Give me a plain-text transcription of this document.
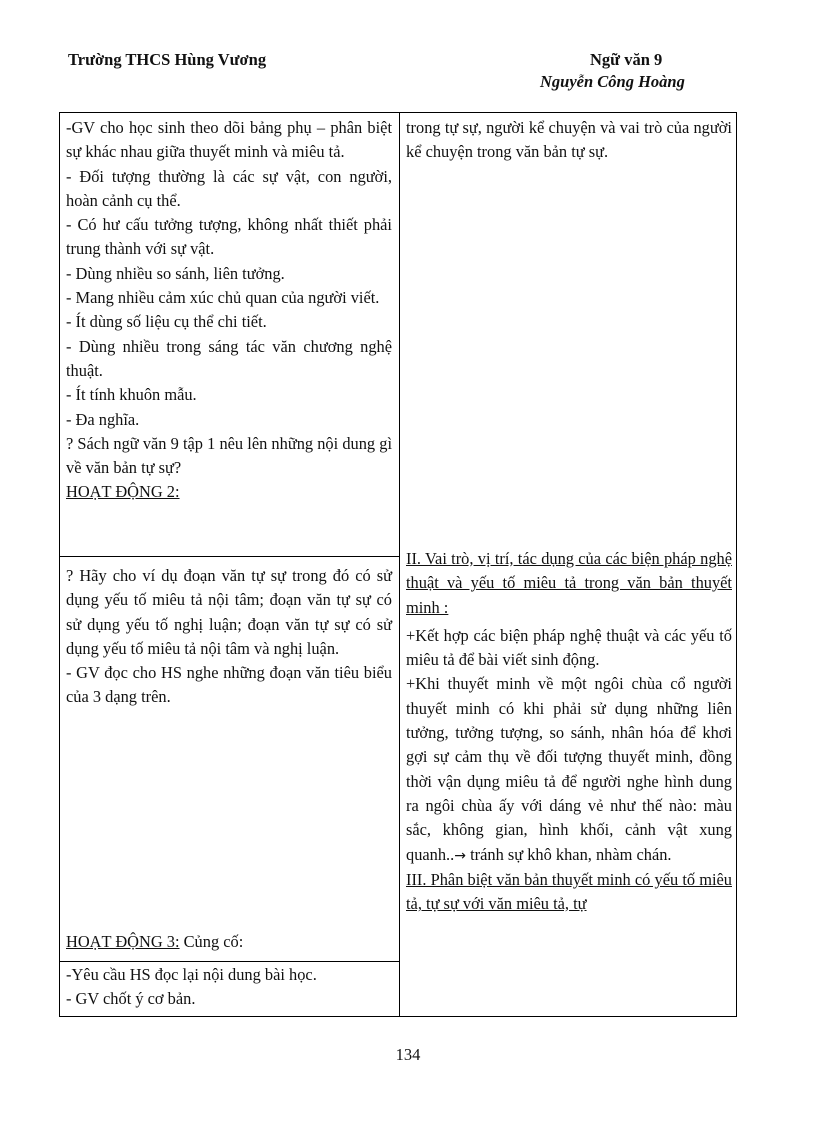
Trường THCS Hùng Vương	Ngữ văn 9
Nguyễn Công Hoàng

-GV cho học sinh theo dõi bảng phụ – phân biệt sự khác nhau giữa thuyết minh và miêu tả.

- Đối tượng thường là các sự vật, con người, hoàn cảnh cụ thể.

- Có hư cấu tưởng tượng, không nhất thiết phải trung thành với sự vật.

- Dùng nhiều so sánh, liên tưởng.

- Mang nhiều cảm xúc chủ quan của người viết.

- Ít dùng số liệu cụ thể chi tiết.

- Dùng nhiều trong sáng tác văn chương nghệ thuật.

- Ít tính khuôn mẫu.

- Đa nghĩa.

? Sách ngữ văn 9 tập 1 nêu lên những nội dung gì về văn bản tự sự?

HOẠT ĐỘNG 2:

? Hãy cho ví dụ đoạn văn tự sự trong đó có sử dụng yếu tố miêu tả nội tâm; đoạn văn tự sự có sử dụng yếu tố nghị luận; đoạn văn tự sự có sử dụng yếu tố miêu tả nội tâm và nghị luận.

- GV đọc cho HS nghe những đoạn văn tiêu biểu của 3 dạng trên.

HOẠT ĐỘNG 3: Củng cố:

-Yêu cầu HS đọc lại nội dung bài học.

- GV chốt ý cơ bản.

trong tự sự, người kể chuyện và vai trò của người kể chuyện trong văn bản tự sự.

II. Vai trò, vị trí, tác dụng của các biện pháp nghệ thuật và yếu tố miêu tả trong văn bản thuyết minh :

+Kết hợp các biện pháp nghệ thuật và các yếu tố miêu tả để bài viết sinh động.

+Khi thuyết minh về một ngôi chùa cổ người thuyết minh có khi phải sử dụng những liên tưởng, tưởng tượng, so sánh, nhân hóa để khơi gợi sự cảm thụ về đối tượng thuyết minh, đồng thời vận dụng miêu tả để người nghe hình dung ra ngôi chùa ấy với dáng vẻ như thế nào: màu sắc, không gian, hình khối, cảnh vật xung quanh..→ tránh sự khô khan, nhàm chán.

III. Phân biệt văn bản thuyết minh có yếu tố miêu tả, tự sự với văn miêu tả, tự

134
